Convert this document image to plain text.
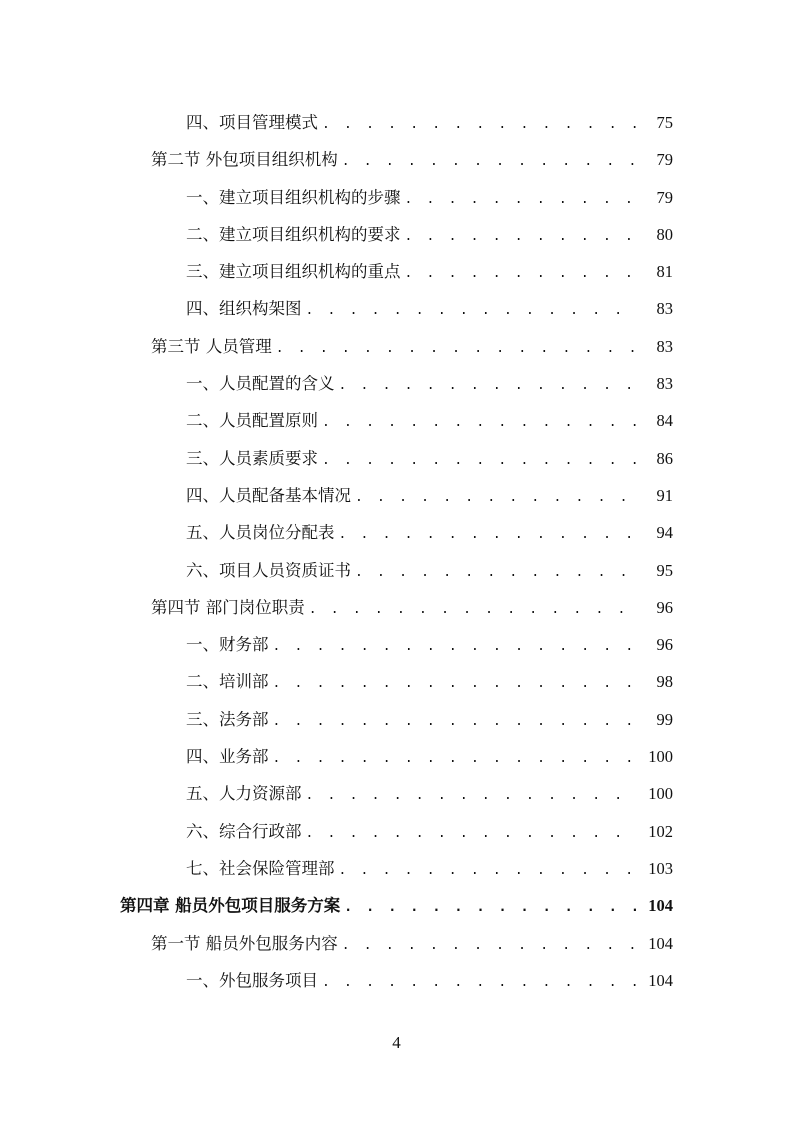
四、项目管理模式 . . .	75
第二节 外包项目组织机构 . . .	79
一、建立项目组织机构的步骤 . . .	79
二、建立项目组织机构的要求 . . .	80
三、建立项目组织机构的重点 . . .	81
四、组织构架图 . . .	83
第三节 人员管理 . . .	83
一、人员配置的含义 . . .	83
二、人员配置原则 . . .	84
三、人员素质要求 . . .	86
四、人员配备基本情况 . . .	91
五、人员岗位分配表 . . .	94
六、项目人员资质证书 . . .	95
第四节 部门岗位职责 . . .	96
一、财务部 . . .	96
二、培训部 . . .	98
三、法务部 . . .	99
四、业务部 . . .	100
五、人力资源部 . . .	100
六、综合行政部 . . .	102
七、社会保险管理部 . . .	103
第四章 船员外包项目服务方案 . . .	104
第一节 船员外包服务内容 . . .	104
一、外包服务项目 . . .	104
4
